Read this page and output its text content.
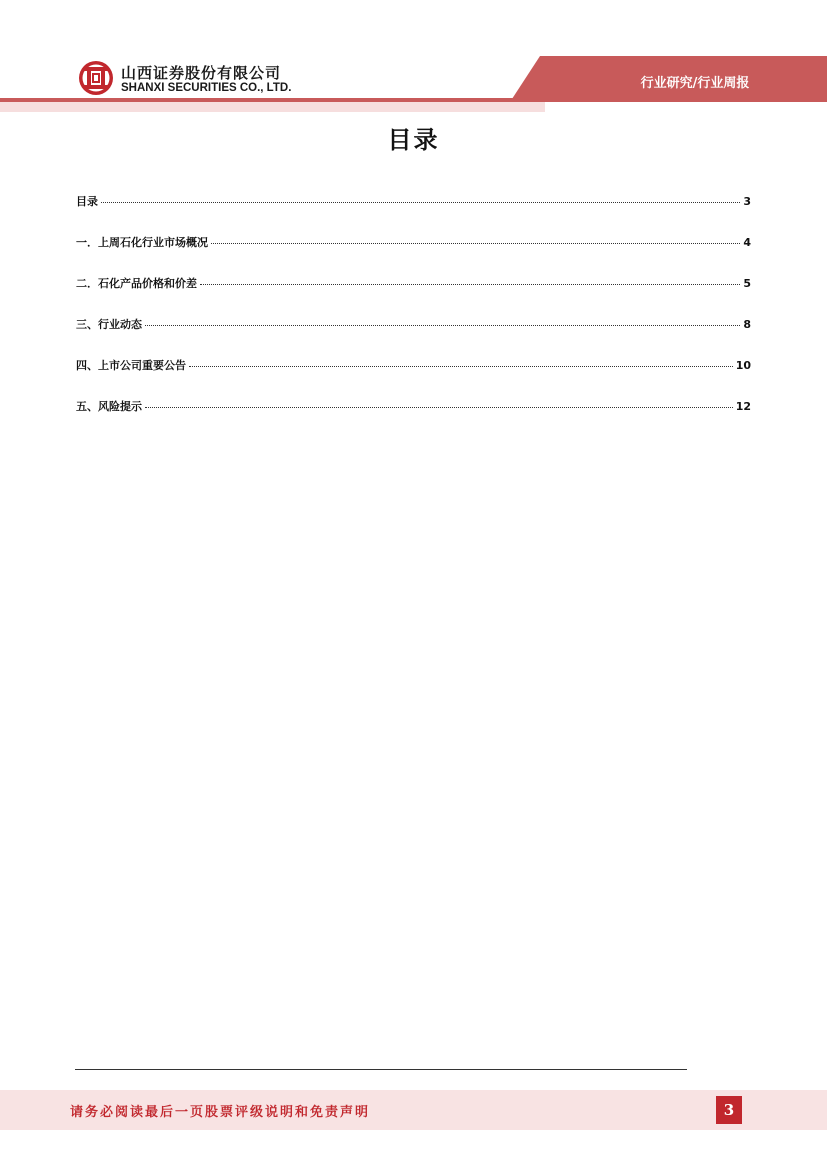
山西证券股份有限公司
SHANXI SECURITIES CO., LTD.	行业研究/行业周报
目录
目录	3
一．上周石化行业市场概况	4
二．石化产品价格和价差	5
三、行业动态	8
四、上市公司重要公告	10
五、风险提示	12
请务必阅读最后一页股票评级说明和免责声明	3
